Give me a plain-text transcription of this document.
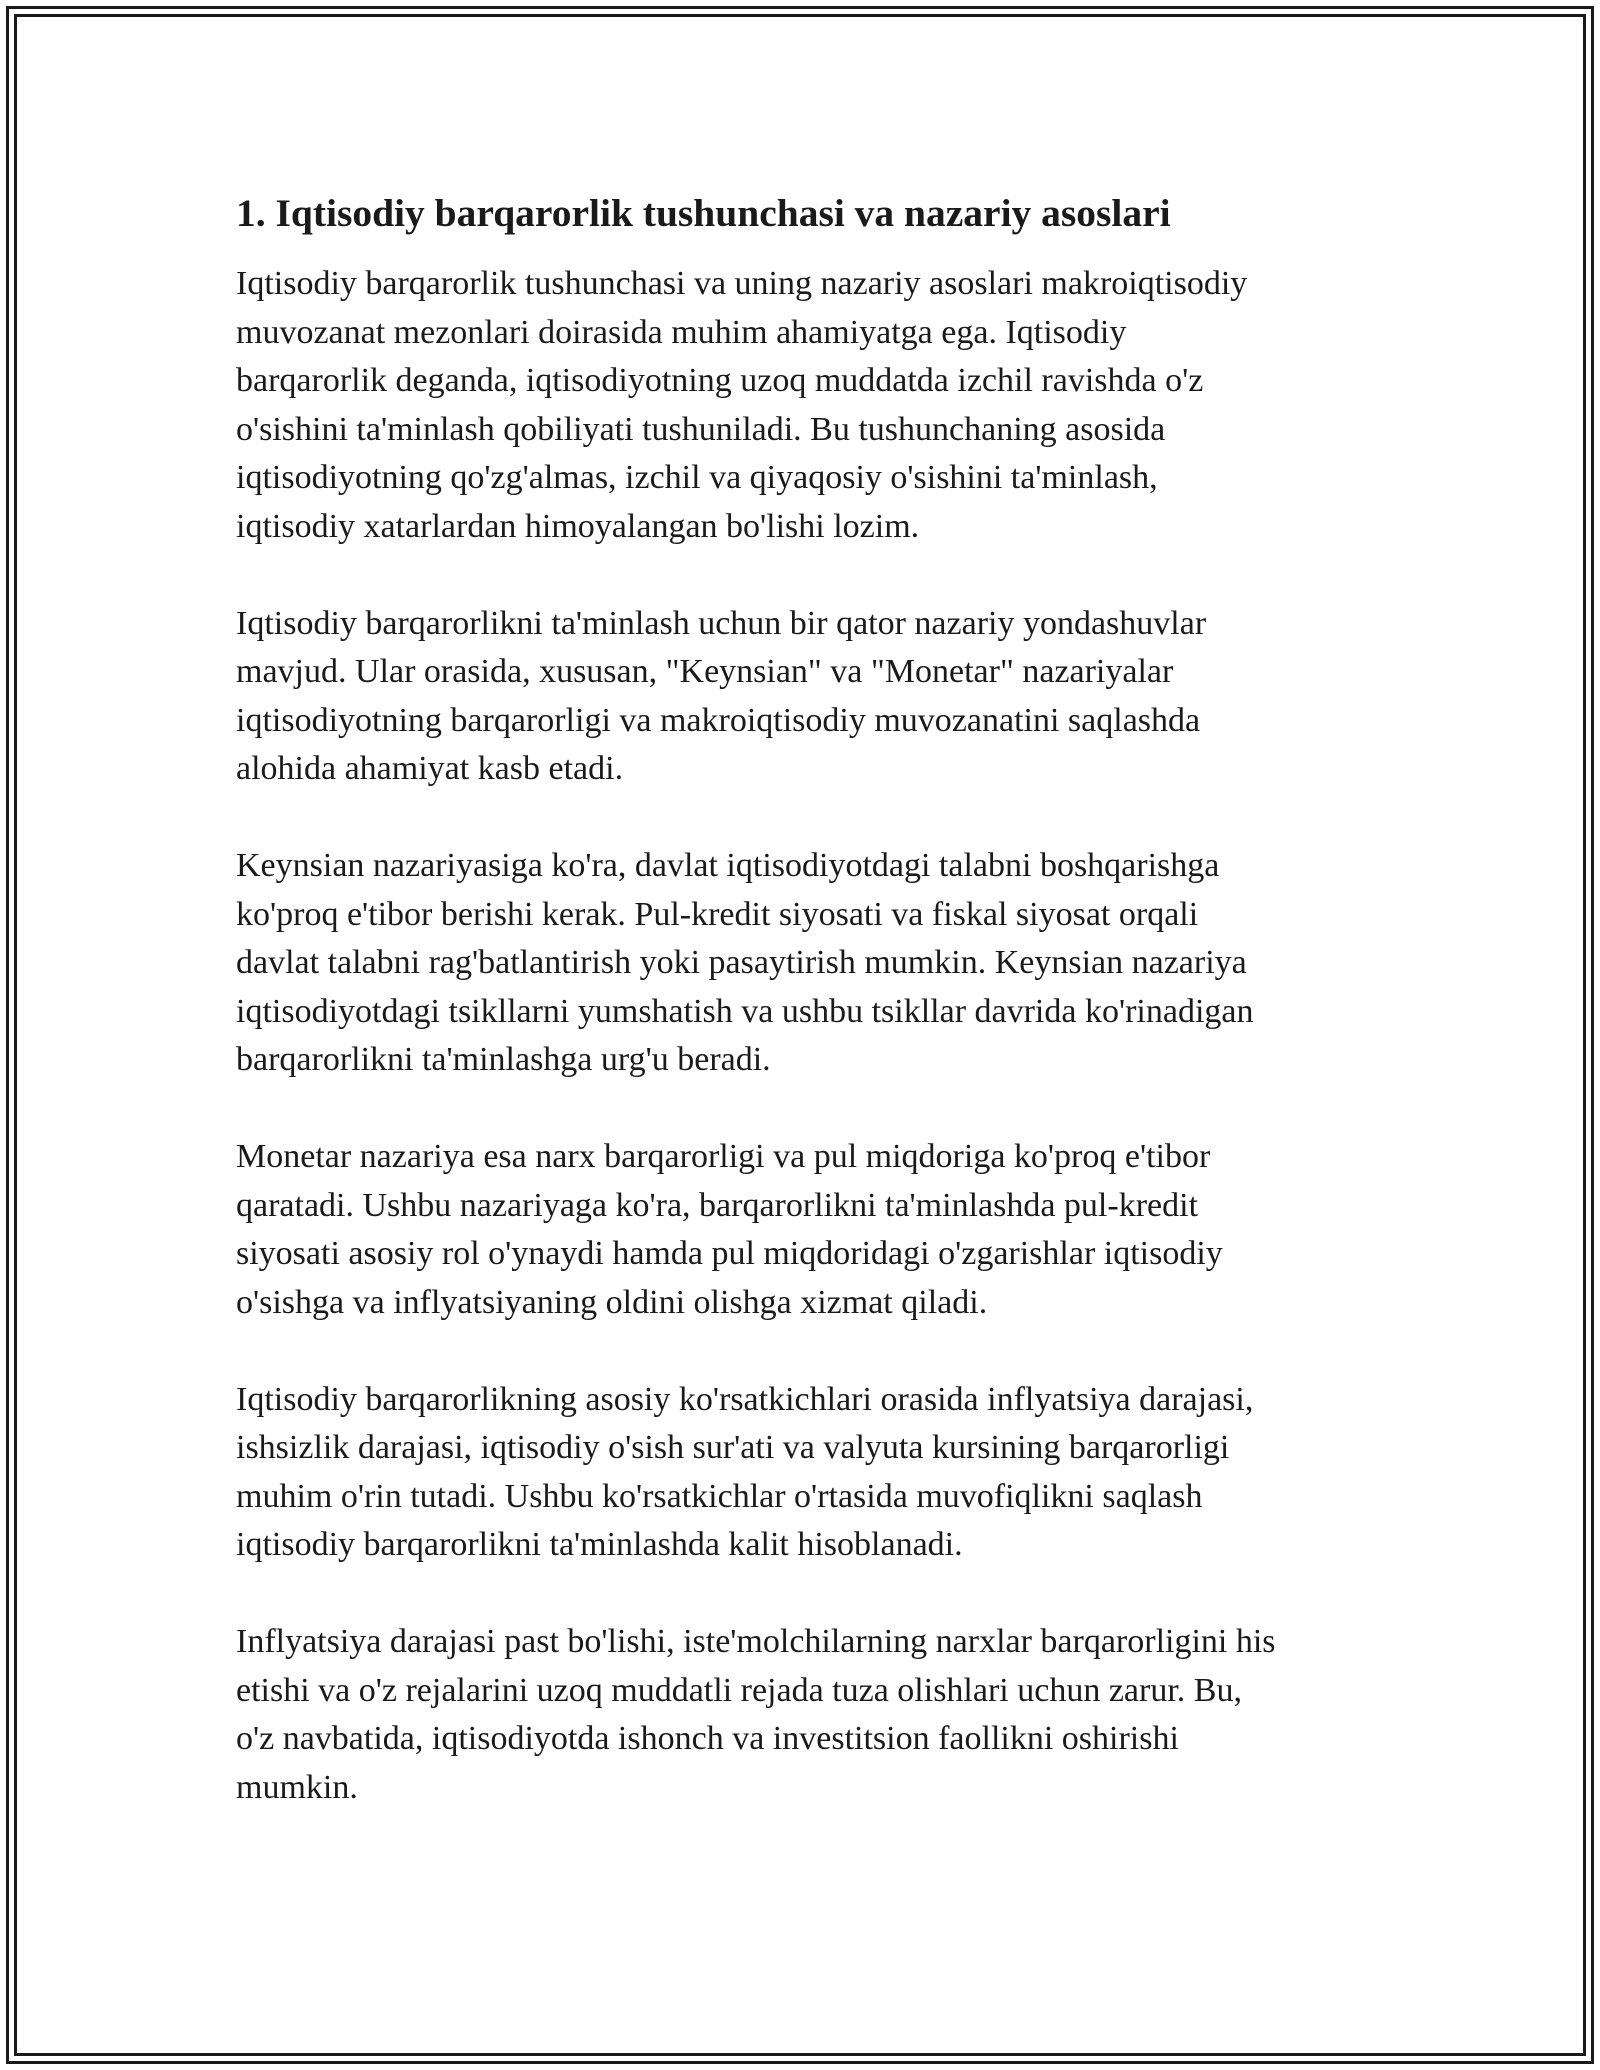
1. Iqtisodiy barqarorlik tushunchasi va nazariy asoslari

Iqtisodiy barqarorlik tushunchasi va uning nazariy asoslari makroiqtisodiy
muvozanat mezonlari doirasida muhim ahamiyatga ega. Iqtisodiy
barqarorlik deganda, iqtisodiyotning uzoq muddatda izchil ravishda o'z
o'sishini ta'minlash qobiliyati tushuniladi. Bu tushunchaning asosida
iqtisodiyotning qo'zg'almas, izchil va qiyaqosiy o'sishini ta'minlash,
iqtisodiy xatarlardan himoyalangan bo'lishi lozim.

Iqtisodiy barqarorlikni ta'minlash uchun bir qator nazariy yondashuvlar
mavjud. Ular orasida, xususan, "Keynsian" va "Monetar" nazariyalar
iqtisodiyotning barqarorligi va makroiqtisodiy muvozanatini saqlashda
alohida ahamiyat kasb etadi.

Keynsian nazariyasiga ko'ra, davlat iqtisodiyotdagi talabni boshqarishga
ko'proq e'tibor berishi kerak. Pul-kredit siyosati va fiskal siyosat orqali
davlat talabni rag'batlantirish yoki pasaytirish mumkin. Keynsian nazariya
iqtisodiyotdagi tsikllarni yumshatish va ushbu tsikllar davrida ko'rinadigan
barqarorlikni ta'minlashga urg'u beradi.

Monetar nazariya esa narx barqarorligi va pul miqdoriga ko'proq e'tibor
qaratadi. Ushbu nazariyaga ko'ra, barqarorlikni ta'minlashda pul-kredit
siyosati asosiy rol o'ynaydi hamda pul miqdoridagi o'zgarishlar iqtisodiy
o'sishga va inflyatsiyaning oldini olishga xizmat qiladi.

Iqtisodiy barqarorlikning asosiy ko'rsatkichlari orasida inflyatsiya darajasi,
ishsizlik darajasi, iqtisodiy o'sish sur'ati va valyuta kursining barqarorligi
muhim o'rin tutadi. Ushbu ko'rsatkichlar o'rtasida muvofiqlikni saqlash
iqtisodiy barqarorlikni ta'minlashda kalit hisoblanadi.

Inflyatsiya darajasi past bo'lishi, iste'molchilarning narxlar barqarorligini his
etishi va o'z rejalarini uzoq muddatli rejada tuza olishlari uchun zarur. Bu,
o'z navbatida, iqtisodiyotda ishonch va investitsion faollikni oshirishi
mumkin.
